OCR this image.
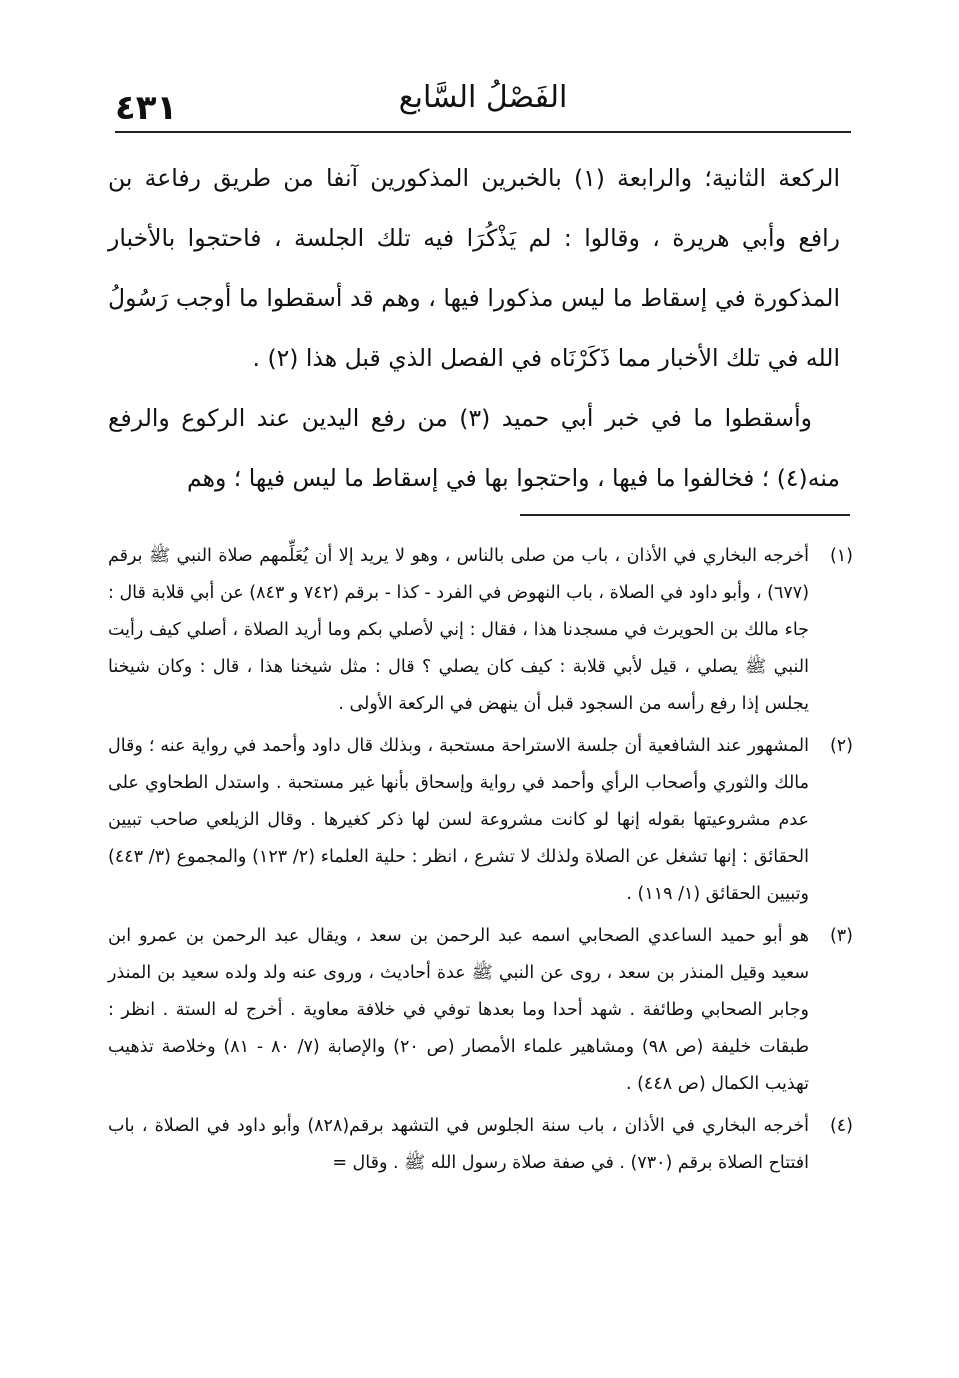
٤٣١	الفَصْلُ السَّابع

الركعة الثانية؛ والرابعة (١) بالخبرين المذكورين آنفا من طريق رفاعة بن رافع وأبي هريرة ، وقالوا : لم يَذْكُرَا فيه تلك الجلسة ، فاحتجوا بالأخبار المذكورة في إسقاط ما ليس مذكورا فيها ، وهم قد أسقطوا ما أوجب رَسُولُ الله في تلك الأخبار مما ذَكَرْنَاه في الفصل الذي قبل هذا (٢) .

وأسقطوا ما في خبر أبي حميد (٣) من رفع اليدين عند الركوع والرفع منه(٤) ؛ فخالفوا ما فيها ، واحتجوا بها في إسقاط ما ليس فيها ؛ وهم

(١)
أخرجه البخاري في الأذان ، باب من صلى بالناس ، وهو لا يريد إلا أن يُعَلِّمهم صلاة النبي ﷺ برقم (٦٧٧) ، وأبو داود في الصلاة ، باب النهوض في الفرد - كذا - برقم (٧٤٢ و ٨٤٣) عن أبي قلابة قال : جاء مالك بن الحويرث في مسجدنا هذا ، فقال : إني لأصلي بكم وما أريد الصلاة ، أصلي كيف رأيت النبي ﷺ يصلي ، قيل لأبي قلابة : كيف كان يصلي ؟ قال : مثل شيخنا هذا ، قال : وكان شيخنا يجلس إذا رفع رأسه من السجود قبل أن ينهض في الركعة الأولى .
(٢)
المشهور عند الشافعية أن جلسة الاستراحة مستحبة ، وبذلك قال داود وأحمد في رواية عنه ؛ وقال مالك والثوري وأصحاب الرأي وأحمد في رواية وإسحاق بأنها غير مستحبة . واستدل الطحاوي على عدم مشروعيتها بقوله إنها لو كانت مشروعة لسن لها ذكر كغيرها . وقال الزيلعي صاحب تبيين الحقائق : إنها تشغل عن الصلاة ولذلك لا تشرع ، انظر : حلية العلماء (٢/ ١٢٣) والمجموع (٣/ ٤٤٣) وتبيين الحقائق (١/ ١١٩) .
(٣)
هو أبو حميد الساعدي الصحابي اسمه عبد الرحمن بن سعد ، ويقال عبد الرحمن بن عمرو ابن سعيد وقيل المنذر بن سعد ، روى عن النبي ﷺ عدة أحاديث ، وروى عنه ولد ولده سعيد بن المنذر وجابر الصحابي وطائفة . شهد أحدا وما بعدها توفي في خلافة معاوية . أخرج له الستة . انظر : طبقات خليفة (ص ٩٨) ومشاهير علماء الأمصار (ص ٢٠) والإصابة (٧/ ٨٠ - ٨١) وخلاصة تذهيب تهذيب الكمال (ص ٤٤٨) .
(٤)
أخرجه البخاري في الأذان ، باب سنة الجلوس في التشهد برقم(٨٢٨) وأبو داود في الصلاة ، باب افتتاح الصلاة برقم (٧٣٠) . في صفة صلاة رسول الله ﷺ . وقال =
